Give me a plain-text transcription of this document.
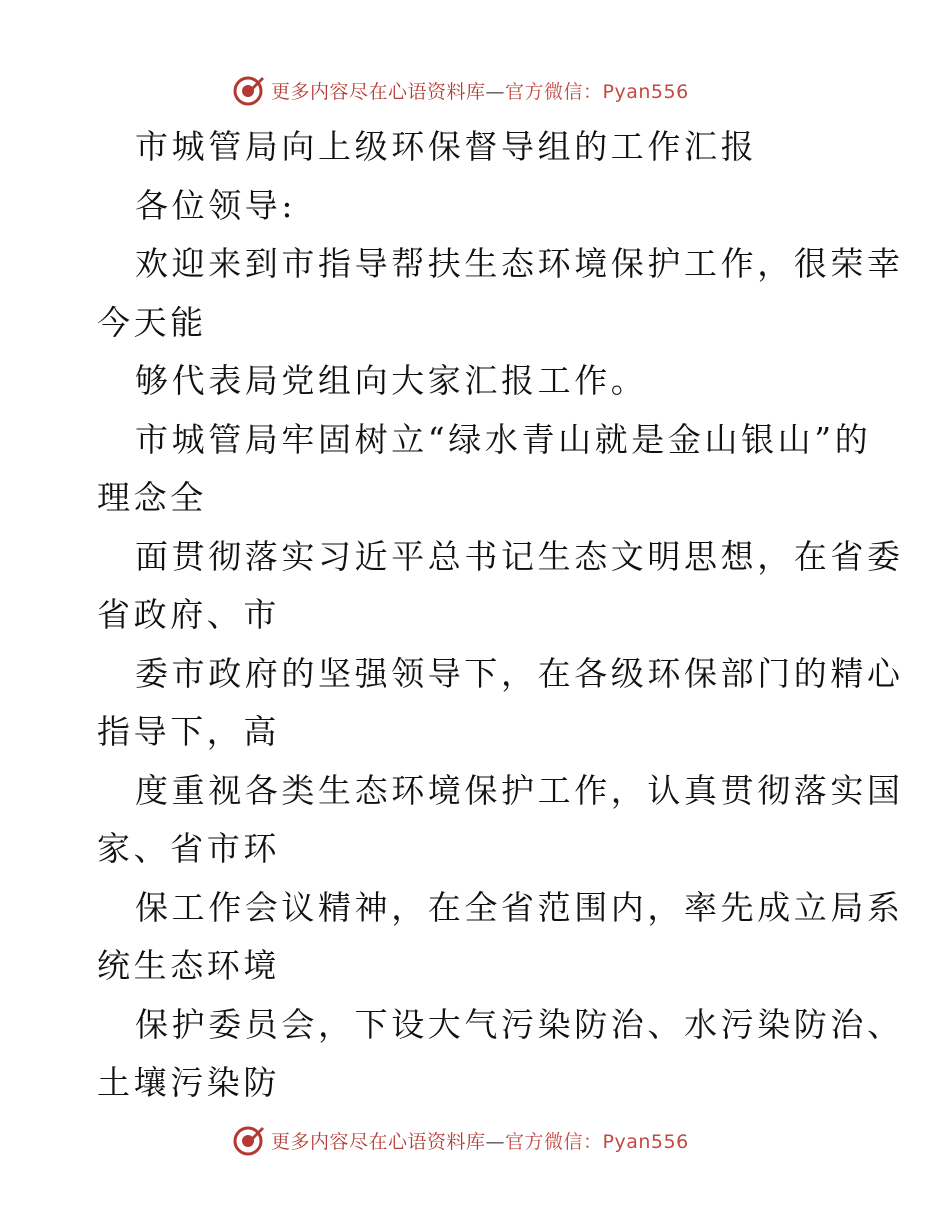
更多内容尽在心语资料库—官方微信：Pyan556
市城管局向上级环保督导组的工作汇报
各位领导:
欢迎来到市指导帮扶生态环境保护工作，很荣幸
今天能
够代表局党组向大家汇报工作。
市城管局牢固树立“绿水青山就是金山银山”的
理念全
面贯彻落实习近平总书记生态文明思想，在省委
省政府、市
委市政府的坚强领导下，在各级环保部门的精心
指导下，高
度重视各类生态环境保护工作，认真贯彻落实国
家、省市环
保工作会议精神，在全省范围内，率先成立局系
统生态环境
保护委员会，下设大气污染防治、水污染防治、
土壤污染防
更多内容尽在心语资料库—官方微信：Pyan556
